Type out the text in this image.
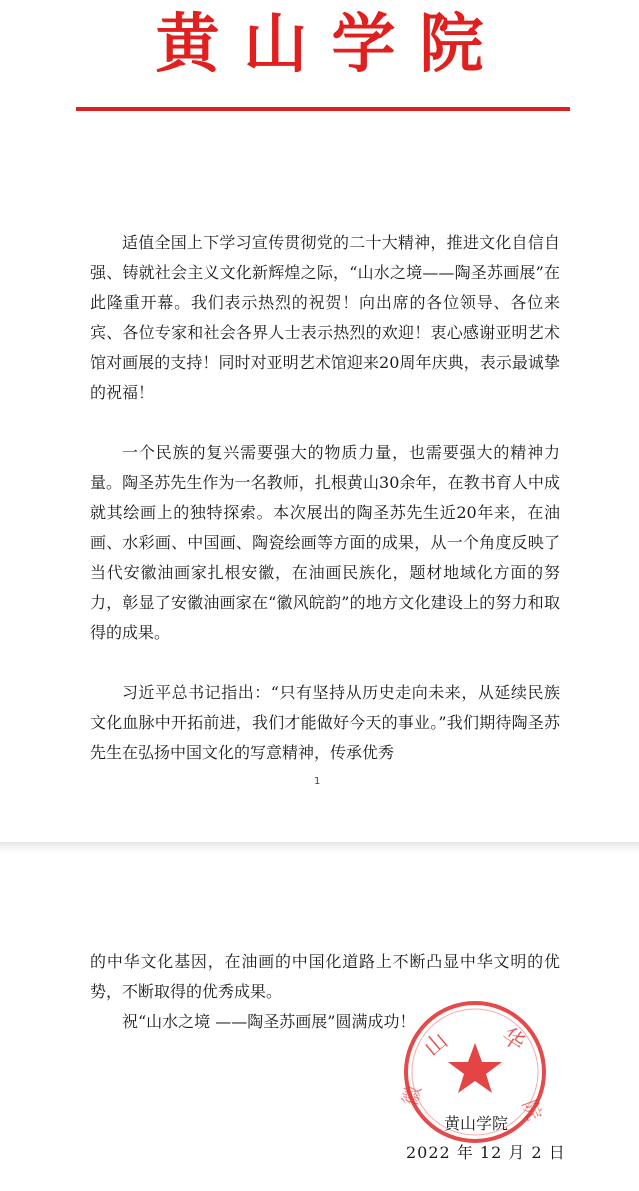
黄山学院

适值全国上下学习宣传贯彻党的二十大精神，推进文化自信自强、铸就社会主义文化新辉煌之际，“山水之境——陶圣苏画展”在此隆重开幕。我们表示热烈的祝贺！向出席的各位领导、各位来宾、各位专家和社会各界人士表示热烈的欢迎！衷心感谢亚明艺术馆对画展的支持！同时对亚明艺术馆迎来20周年庆典，表示最诚挚的祝福！

一个民族的复兴需要强大的物质力量，也需要强大的精神力量。陶圣苏先生作为一名教师，扎根黄山30余年，在教书育人中成就其绘画上的独特探索。本次展出的陶圣苏先生近20年来，在油画、水彩画、中国画、陶瓷绘画等方面的成果，从一个角度反映了当代安徽油画家扎根安徽，在油画民族化，题材地域化方面的努力，彰显了安徽油画家在“徽风皖韵”的地方文化建设上的努力和取得的成果。

习近平总书记指出：“只有坚持从历史走向未来，从延续民族文化血脉中开拓前进，我们才能做好今天的事业。”我们期待陶圣苏先生在弘扬中国文化的写意精神，传承优秀

1

的中华文化基因，在油画的中国化道路上不断凸显中华文明的优势，不断取得的优秀成果。

祝“山水之境 ——陶圣苏画展”圆满成功！

山 华
徽
院
黄山学院
2022 年 12 月 2 日
